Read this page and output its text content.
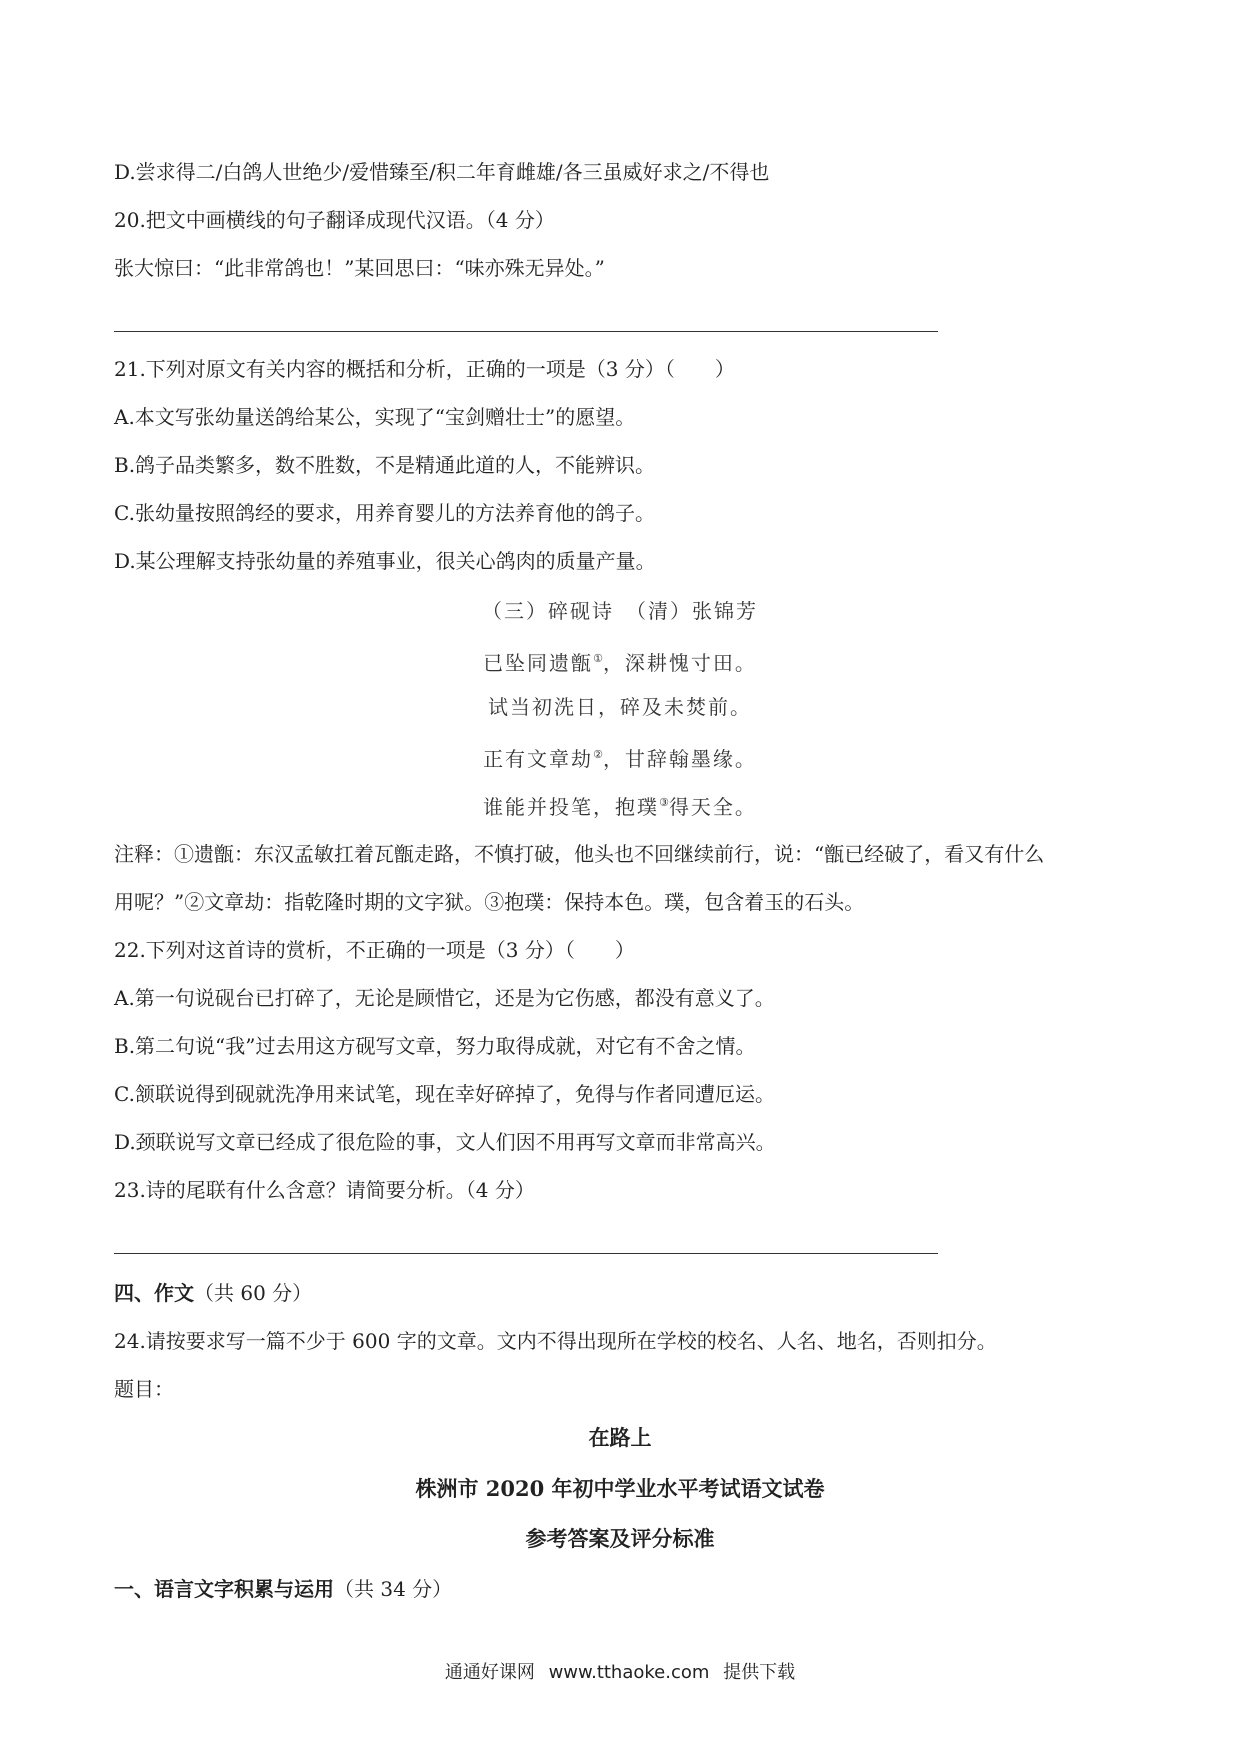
D.尝求得二/白鸽人世绝少/爱惜臻至/积二年育雌雄/各三虽威好求之/不得也
20.把文中画横线的句子翻译成现代汉语。（4 分）
张大惊曰：“此非常鸽也！”某回思曰：“味亦殊无异处。”
21.下列对原文有关内容的概括和分析，正确的一项是（3 分）（　　）
A.本文写张幼量送鸽给某公，实现了“宝剑赠壮士”的愿望。
B.鸽子品类繁多，数不胜数，不是精通此道的人，不能辨识。
C.张幼量按照鸽经的要求，用养育婴儿的方法养育他的鸽子。
D.某公理解支持张幼量的养殖事业，很关心鸽肉的质量产量。
（三）碎砚诗　（清）张锦芳
已坠同遗甑①，深耕愧寸田。
试当初洗日，碎及未焚前。
正有文章劫②，甘辞翰墨缘。
谁能并投笔，抱璞③得天全。
注释：①遗甑：东汉孟敏扛着瓦甑走路，不慎打破，他头也不回继续前行，说：“甑已经破了，看又有什么
用呢？”②文章劫：指乾隆时期的文字狱。③抱璞：保持本色。璞，包含着玉的石头。
22.下列对这首诗的赏析，不正确的一项是（3 分）（　　）
A.第一句说砚台已打碎了，无论是顾惜它，还是为它伤感，都没有意义了。
B.第二句说“我”过去用这方砚写文章，努力取得成就，对它有不舍之情。
C.颔联说得到砚就洗净用来试笔，现在幸好碎掉了，免得与作者同遭厄运。
D.颈联说写文章已经成了很危险的事，文人们因不用再写文章而非常高兴。
23.诗的尾联有什么含意？请简要分析。（4 分）
四、作文（共 60 分）
24.请按要求写一篇不少于 600 字的文章。文内不得出现所在学校的校名、人名、地名，否则扣分。
题目：
在路上
株洲市 2020 年初中学业水平考试语文试卷
参考答案及评分标准
一、语言文字积累与运用（共 34 分）
通通好课网 www.tthaoke.com 提供下载
